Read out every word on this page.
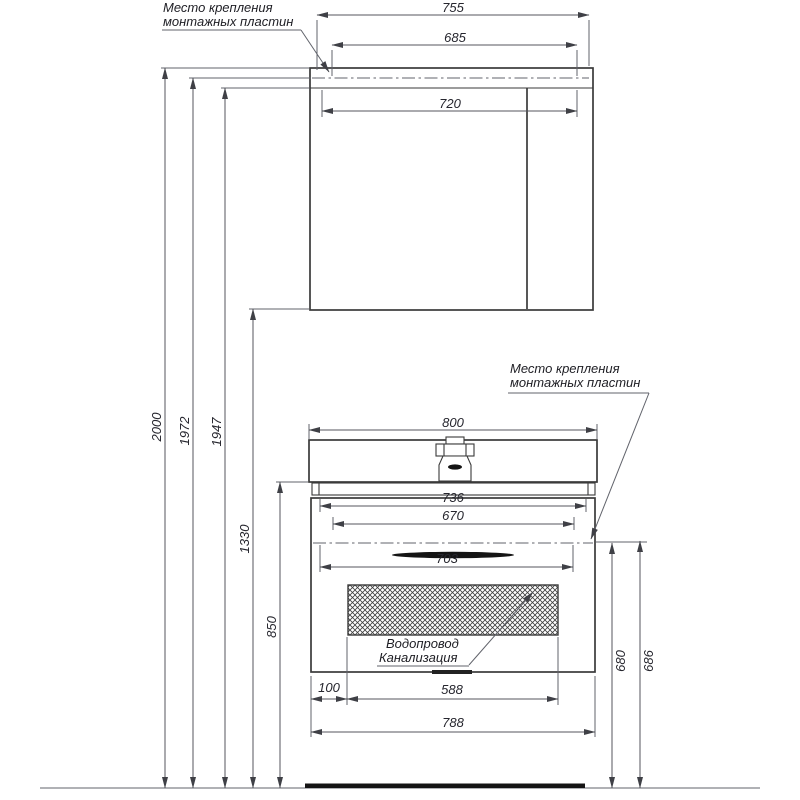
755
685
720
800
736
670
703
100	588
788
2000 1972 1947
1330
850
680 686
Место крепления
монтажных пластин
Место крепления
монтажных пластин
Водопровод
Канализация
